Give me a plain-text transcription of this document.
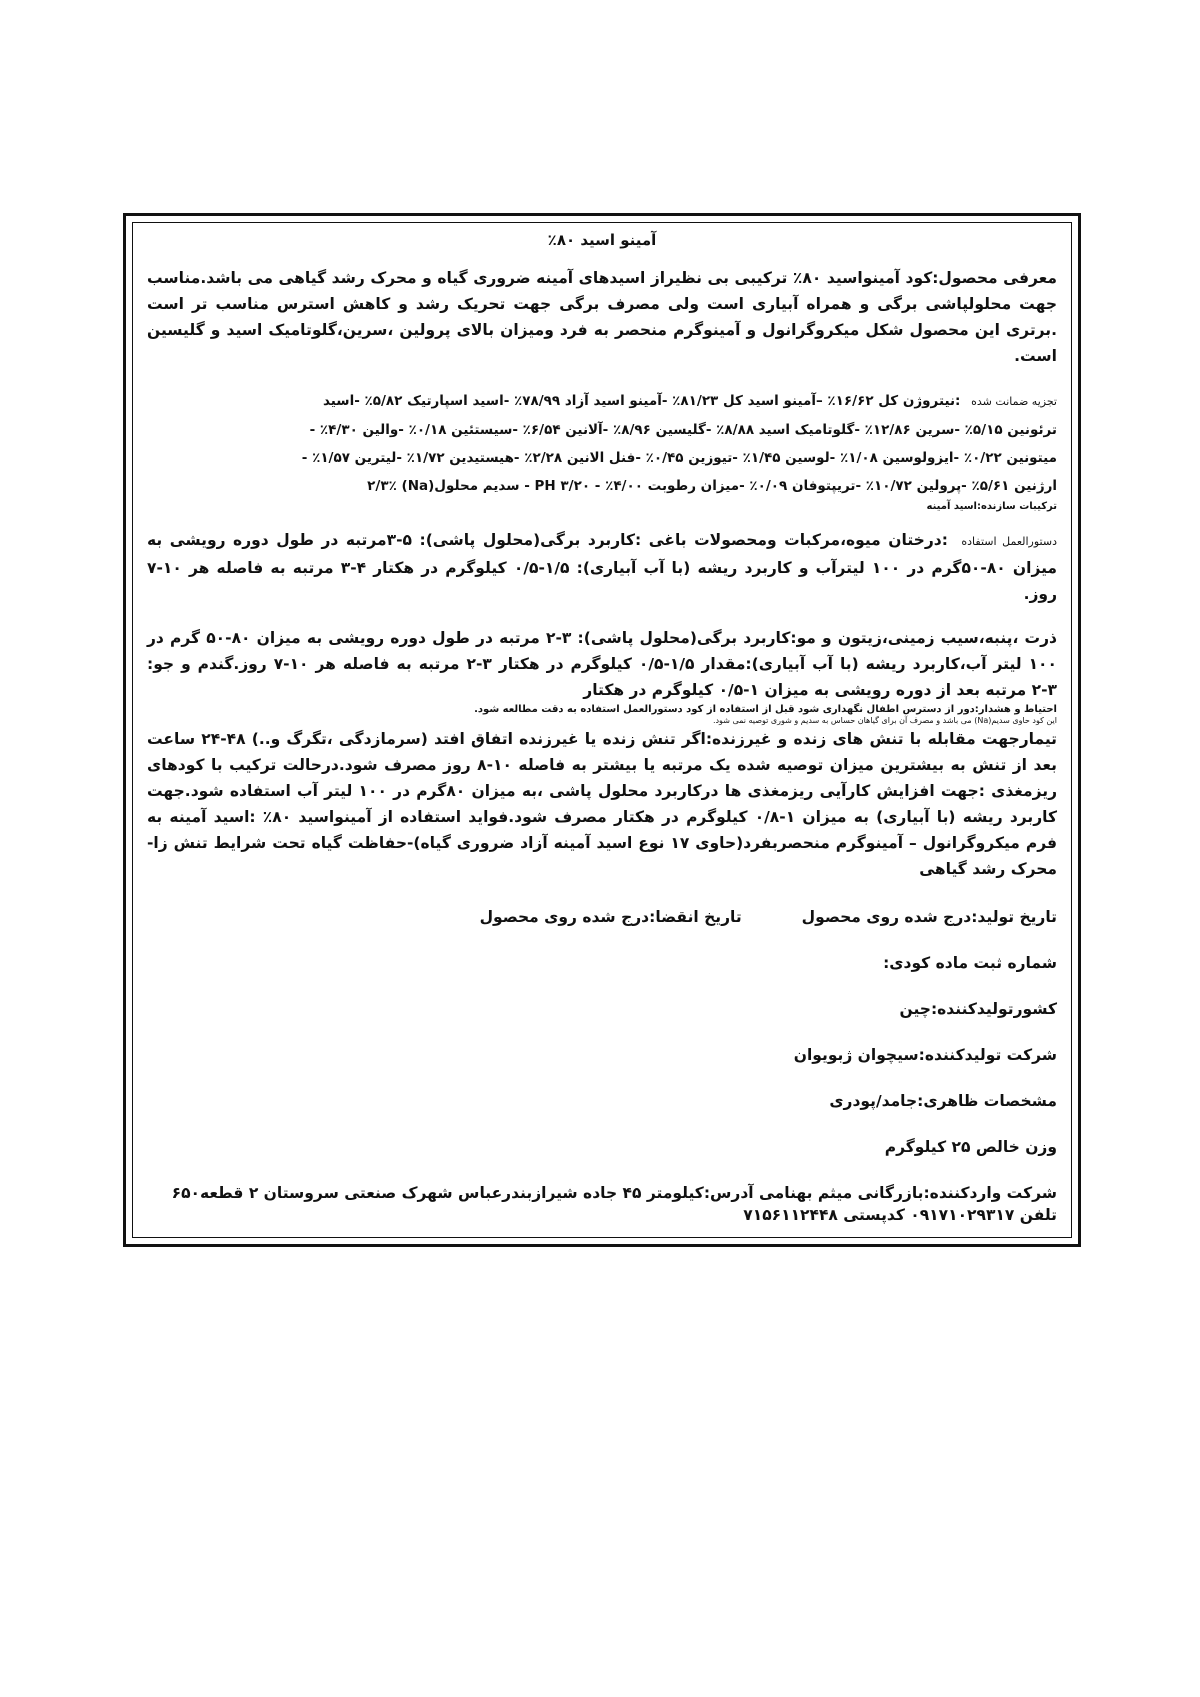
آمینو اسید ۸۰٪

معرفی محصول:کود آمینواسید ۸۰٪ ترکیبی بی نظیراز اسیدهای آمینه ضروری گیاه و محرک رشد گیاهی می باشد.مناسب جهت محلولپاشی برگی و همراه آبیاری است ولی مصرف برگی جهت تحریک رشد و کاهش استرس مناسب تر است .برتری این محصول شکل میکروگرانول و آمینوگرم منحصر به فرد ومیزان بالای پرولین ،سرین،گلوتامیک اسید و گلیسین است.

تجزیه ضمانت شده :نیتروژن کل ۱۶/۶۲٪ –آمینو اسید کل ۸۱/۲۳٪ -آمینو اسید آزاد ۷۸/۹۹٪ -اسید اسپارتیک ۵/۸۲٪ -اسید

ترئونین ۵/۱۵٪ -سرین ۱۲/۸۶٪ -گلوتامیک اسید ۸/۸۸٪ -گلیسین ۸/۹۶٪ -آلانین ۶/۵۴٪ -سیستئین ۰/۱۸٪ -والین ۴/۳۰٪ -

میتونین ۰/۲۲٪ -ایزولوسین ۱/۰۸٪ -لوسین ۱/۴۵٪ -تیوزین ۰/۴۵٪ -فنل الانین ۲/۲۸٪ -هیستیدین ۱/۷۲٪ -لیترین ۱/۵۷٪ -

ارژنین ۵/۶۱٪ -پرولین ۱۰/۷۲٪ -تریپتوفان ۰/۰۹٪ -میزان رطوبت ۴/۰۰٪ - PH ۳/۲۰ - سدیم محلول(Na) ۲/۳٪

ترکیبات سازنده:اسید آمینه

دستورالعمل استفاده :درختان میوه،مرکبات ومحصولات باغی :کاربرد برگی(محلول پاشی): ۵-۳مرتبه در طول دوره رویشی به میزان ۸۰-۵۰گرم در ۱۰۰ لیترآب و کاربرد ریشه (با آب آبیاری): ۱/۵-۰/۵ کیلوگرم در هکتار ۴-۳ مرتبه به فاصله هر ۱۰-۷ روز.

ذرت ،پنبه،سیب زمینی،زیتون و مو:کاربرد برگی(محلول پاشی): ۳-۲ مرتبه در طول دوره رویشی به میزان ۸۰-۵۰ گرم در ۱۰۰ لیتر آب،کاربرد ریشه (با آب آبیاری):مقدار ۱/۵-۰/۵ کیلوگرم در هکتار ۳-۲ مرتبه به فاصله هر ۱۰-۷ روز.گندم و جو: ۳-۲ مرتبه بعد از دوره رویشی به میزان ۱-۰/۵ کیلوگرم در هکتار

احتیاط و هشدار:دور از دسترس اطفال نگهداری شود قبل از استفاده از کود دستورالعمل استفاده به دقت مطالعه شود.

این کود حاوی سدیم(Na) می باشد و مصرف آن برای گیاهان حساس به سدیم و شوری توصیه نمی شود.

تیمارجهت مقابله با تنش های زنده و غیرزنده:اگر تنش زنده یا غیرزنده اتفاق افتد (سرمازدگی ،تگرگ و..) ۴۸-۲۴ ساعت بعد از تنش به بیشترین میزان توصیه شده یک مرتبه یا بیشتر به فاصله ۱۰-۸ روز مصرف شود.درحالت ترکیب با کودهای ریزمغذی :جهت افزایش کارآیی ریزمغذی ها درکاربرد محلول پاشی ،به میزان ۸۰گرم در ۱۰۰ لیتر آب استفاده شود.جهت کاربرد ریشه (با آبیاری) به میزان ۱-۰/۸ کیلوگرم در هکتار مصرف شود.فواید استفاده از آمینواسید ۸۰٪ :اسید آمینه به فرم میکروگرانول – آمینوگرم منحصربفرد(حاوی ۱۷ نوع اسید آمینه آزاد ضروری گیاه)-حفاظت گیاه تحت شرایط تنش زا-محرک رشد گیاهی

تاریخ تولید:درج شده روی محصول

تاریخ انقضا:درج شده روی محصول

شماره ثبت ماده کودی:

کشورتولیدکننده:چین

شرکت تولیدکننده:سیچوان ژبویوان

مشخصات ظاهری:جامد/پودری

وزن خالص ۲۵ کیلوگرم

شرکت واردکننده:بازرگانی میثم بهنامی آدرس:کیلومتر ۴۵ جاده شیرازبندرعباس شهرک صنعتی سروستان ۲ قطعه۶۵۰

تلفن ۰۹۱۷۱۰۲۹۳۱۷ کدپستی ۷۱۵۶۱۱۲۴۴۸
